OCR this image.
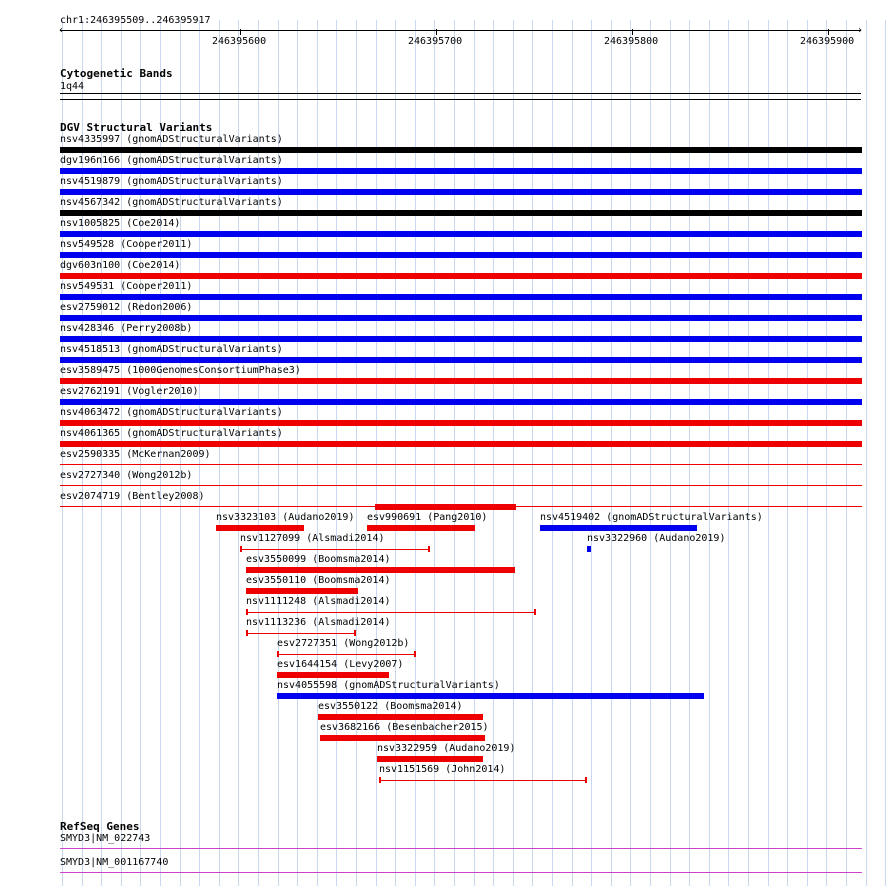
chr1:246395509..246395917
‹	›
Cytogenetic Bands
1q44
DGV Structural Variants
nsv4335997 (gnomADStructuralVariants)
dgv196n166 (gnomADStructuralVariants)
nsv4519879 (gnomADStructuralVariants)
nsv4567342 (gnomADStructuralVariants)
nsv1005825 (Coe2014)
nsv549528 (Cooper2011)
dgv603n100 (Coe2014)
nsv549531 (Cooper2011)
esv2759012 (Redon2006)
nsv428346 (Perry2008b)
nsv4518513 (gnomADStructuralVariants)
esv3589475 (1000GenomesConsortiumPhase3)
esv2762191 (Vogler2010)
nsv4063472 (gnomADStructuralVariants)
nsv4061365 (gnomADStructuralVariants)
esv2590335 (McKernan2009)
esv2727340 (Wong2012b)
esv2074719 (Bentley2008)
nsv3323103 (Audano2019) esv990691 (Pang2010)	nsv4519402 (gnomADStructuralVariants)
nsv1127099 (Alsmadi2014)	nsv3322960 (Audano2019)
esv3550099 (Boomsma2014)
esv3550110 (Boomsma2014)
nsv1111248 (Alsmadi2014)
nsv1113236 (Alsmadi2014)
esv2727351 (Wong2012b)
esv1644154 (Levy2007)
nsv4055598 (gnomADStructuralVariants)
esv3550122 (Boomsma2014)
esv3682166 (Besenbacher2015)
nsv3322959 (Audano2019)
nsv1151569 (John2014)
RefSeq Genes
SMYD3|NM_022743
SMYD3|NM_001167740
246395600	246395700	246395800	246395900
